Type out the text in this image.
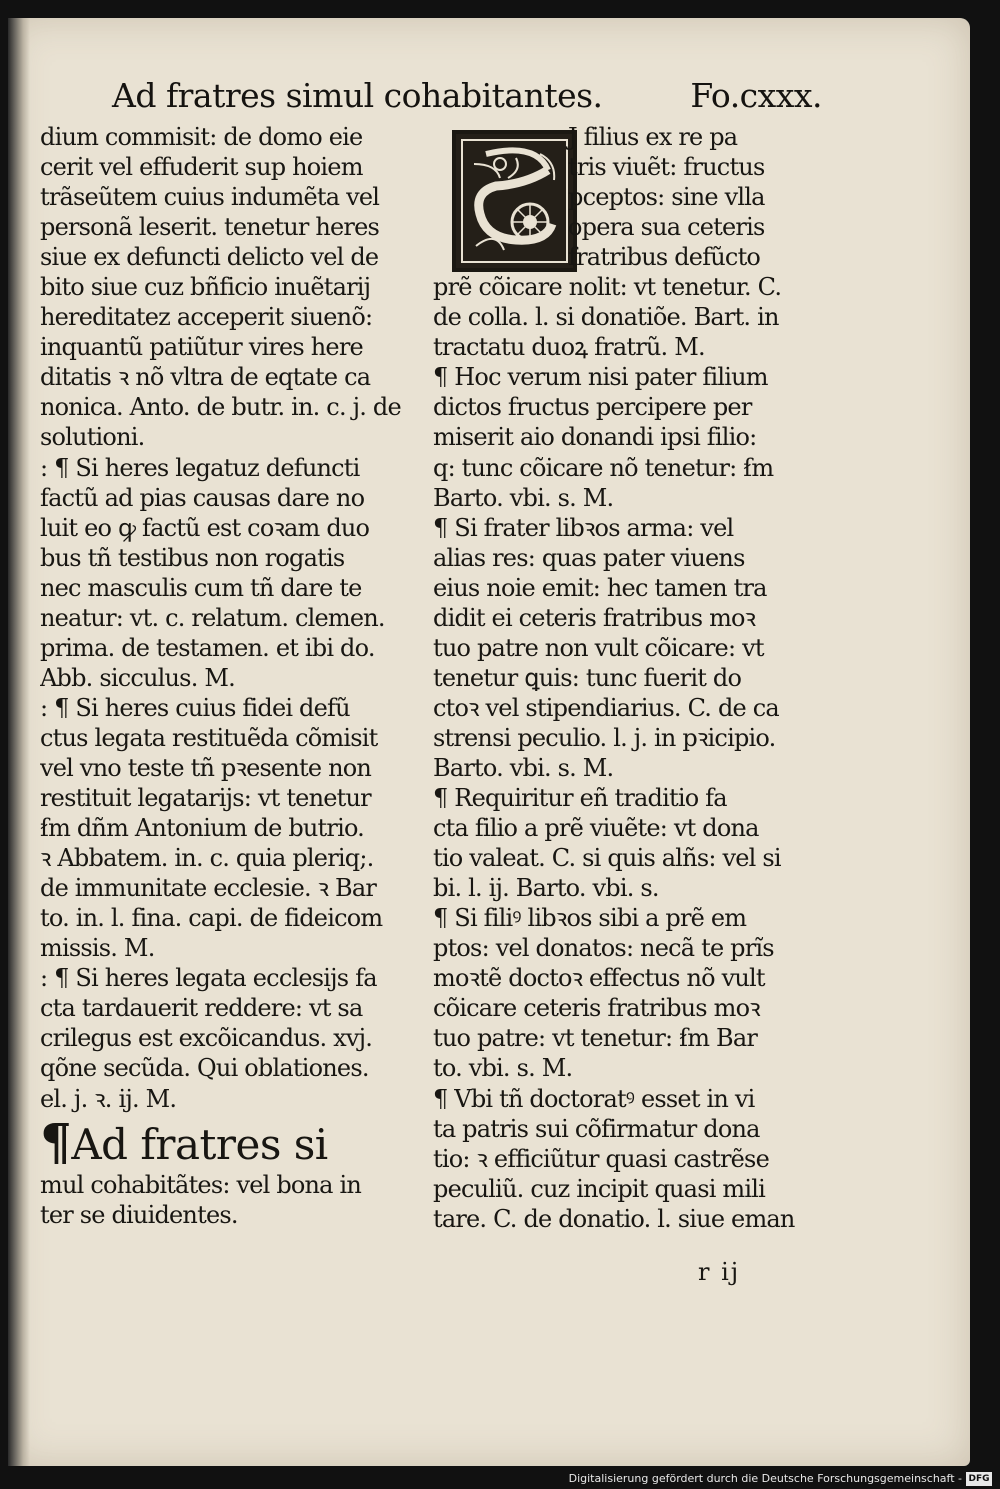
Ad fratres simul cohabitantes.	Fo.cxxx.
dium commisit: de domo eie
cerit vel effuderit sup hoiem
trãseũtem cuius indumẽta vel
personã leserit. tenetur heres
siue ex defuncti delicto vel de
bito siue cuz bñficio inuẽtarij
hereditatez acceperit siuenõ:
inquantũ patiũtur vires here
ditatis ꝛ nõ vltra de eqtate ca
nonica. Anto. de butr. in. c. j. de
solutioni.
: ¶ Si heres legatuz defuncti
factũ ad pias causas dare no
luit eo ꝙ factũ est coꝛam duo
bus tñ testibus non rogatis
nec masculis cum tñ dare te
neatur: vt. c. relatum. clemen.
prima. de testamen. et ibi do.
Abb. sicculus. M.
: ¶ Si heres cuius fidei defũ
ctus legata restituẽda cõmisit
vel vno teste tñ pꝛesente non
restituit legatarijs: vt tenetur
ẜm dñm Antonium de butrio.
ꝛ Abbatem. in. c. quia pleriq;.
de immunitate ecclesie. ꝛ Bar
to. in. l. fina. capi. de fideicom
missis. M.
: ¶ Si heres legata ecclesijs fa
cta tardauerit reddere: vt sa
crilegus est excõicandus. xvj.
qõne secũda. Qui oblationes.
el. j. ꝛ. ij. M.
¶Ad fratres si
mul cohabitãtes: vel bona in
ter se diuidentes.
J filius ex re pa
tris viuẽt: fructus
pceptos: sine vlla
opera sua ceteris
fratribus defũcto
prẽ cõicare nolit: vt tenetur. C.
de colla. l. si donatiõe. Bart. in
tractatu duoꝝ fratrũ. M.
¶ Hoc verum nisi pater filium
dictos fructus percipere per
miserit aio donandi ipsi filio:
q: tunc cõicare nõ tenetur: ẜm
Barto. vbi. s. M.
¶ Si frater libꝛos arma: vel
alias res: quas pater viuens
eius noie emit: hec tamen tra
didit ei ceteris fratribus moꝛ
tuo patre non vult cõicare: vt
tenetur ꝗuis: tunc fuerit do
ctoꝛ vel stipendiarius. C. de ca
strensi peculio. l. j. in pꝛicipio.
Barto. vbi. s. M.
¶ Requiritur eñ traditio fa
cta filio a prẽ viuẽte: vt dona
tio valeat. C. si quis alñs: vel si
bi. l. ij. Barto. vbi. s.
¶ Si filiꝰ libꝛos sibi a prẽ em
ptos: vel donatos: necã te prĩs
moꝛtẽ doctoꝛ effectus nõ vult
cõicare ceteris fratribus moꝛ
tuo patre: vt tenetur: ẜm Bar
to. vbi. s. M.
¶ Vbi tñ doctoratꝰ esset in vi
ta patris sui cõfirmatur dona
tio: ꝛ efficiũtur quasi castrẽse
peculiũ. cuz incipit quasi mili
tare. C. de donatio. l. siue eman
r ij
Digitalisierung gefördert durch die Deutsche Forschungsgemeinschaft - DFG
